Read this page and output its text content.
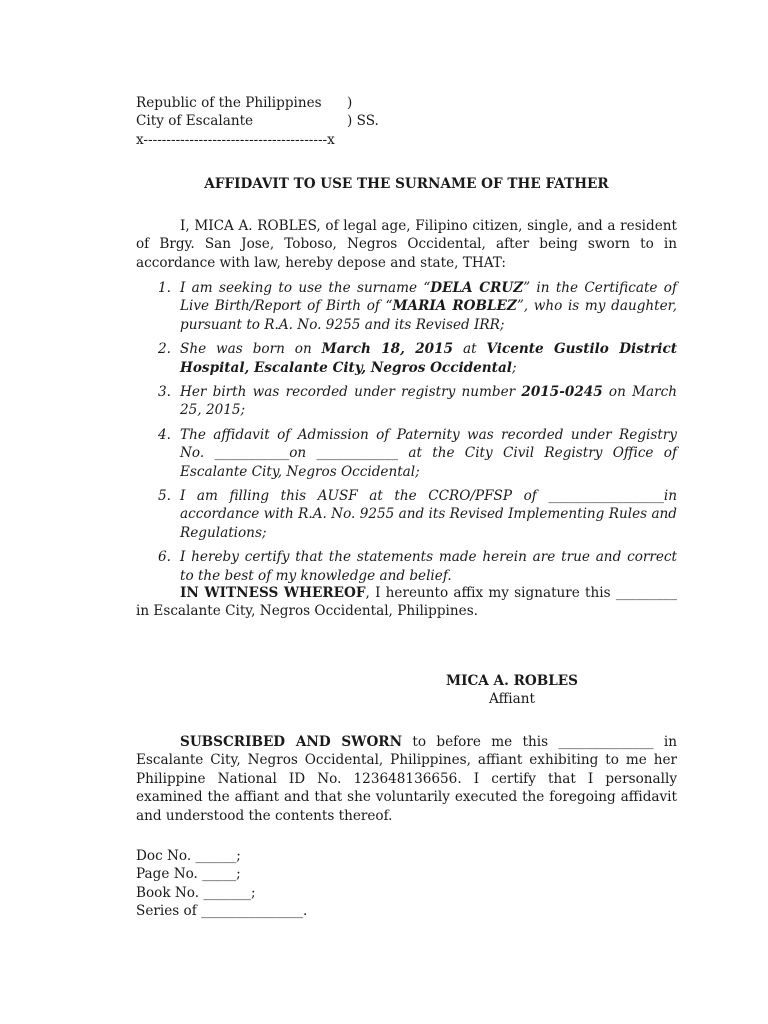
Republic of the Philippines	)
City of Escalante	) SS.
x----------------------------------------x
AFFIDAVIT TO USE THE SURNAME OF THE FATHER

I, MICA A. ROBLES, of legal age, Filipino citizen, single, and a resident of Brgy. San Jose, Toboso, Negros Occidental, after being sworn to in accordance with law, hereby depose and state, THAT:

1. I am seeking to use the surname “DELA CRUZ” in the Certificate of Live Birth/Report of Birth of “MARIA ROBLEZ”, who is my daughter, pursuant to R.A. No. 9255 and its Revised IRR;
2. She was born on March 18, 2015 at Vicente Gustilo District Hospital, Escalante City, Negros Occidental;
3. Her birth was recorded under registry number 2015-0245 on March 25, 2015;
4. The affidavit of Admission of Paternity was recorded under Registry No. ___________on ____________ at the City Civil Registry Office of Escalante City, Negros Occidental;
5. I am filling this AUSF at the CCRO/PFSP of _________________in accordance with R.A. No. 9255 and its Revised Implementing Rules and Regulations;
6. I hereby certify that the statements made herein are true and correct to the best of my knowledge and belief.

IN WITNESS WHEREOF, I hereunto affix my signature this _________ in Escalante City, Negros Occidental, Philippines.

MICA A. ROBLES
Affiant

SUBSCRIBED AND SWORN to before me this ______________ in Escalante City, Negros Occidental, Philippines, affiant exhibiting to me her Philippine National ID No. 123648136656. I certify that I personally examined the affiant and that she voluntarily executed the foregoing affidavit and understood the contents thereof.

Doc No. ______;
Page No. _____;
Book No. _______;
Series of _______________.
